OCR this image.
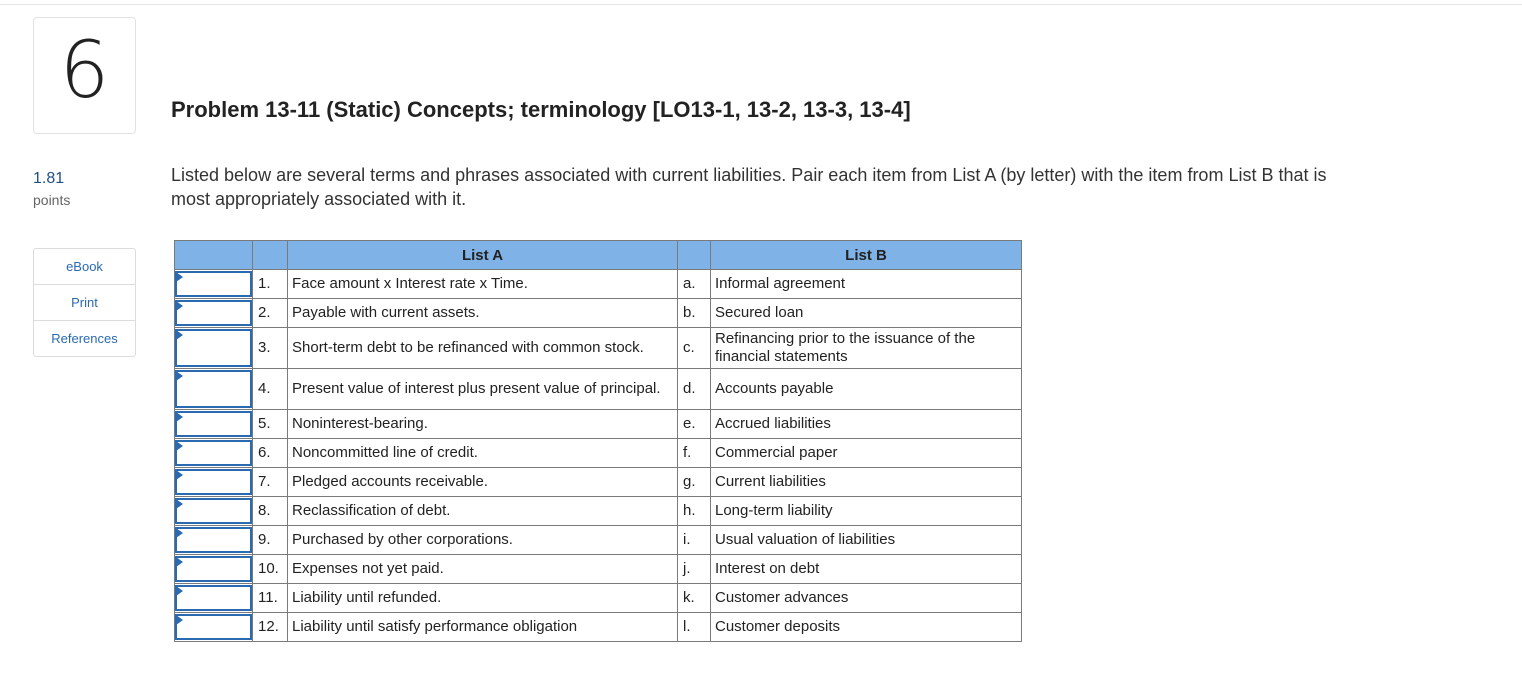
6	Problem 13-11 (Static) Concepts; terminology [LO13-1, 13-2, 13-3, 13-4]
1.81
points
eBook
Print
References
Listed below are several terms and phrases associated with current liabilities. Pair each item from List A (by letter) with the item from List B that is most appropriately associated with it.
		List A		List B

	1.	Face amount x Interest rate x Time.	a.	Informal agreement

	2.	Payable with current assets.	b.	Secured loan

	3.	Short-term debt to be refinanced with common stock.	c.	Refinancing prior to the issuance of the financial statements

	4.	Present value of interest plus present value of principal.	d.	Accounts payable

	5.	Noninterest-bearing.	e.	Accrued liabilities

	6.	Noncommitted line of credit.	f.	Commercial paper

	7.	Pledged accounts receivable.	g.	Current liabilities

	8.	Reclassification of debt.	h.	Long-term liability

	9.	Purchased by other corporations.	i.	Usual valuation of liabilities

	10.	Expenses not yet paid.	j.	Interest on debt

	11.	Liability until refunded.	k.	Customer advances

	12.	Liability until satisfy performance obligation	l.	Customer deposits
